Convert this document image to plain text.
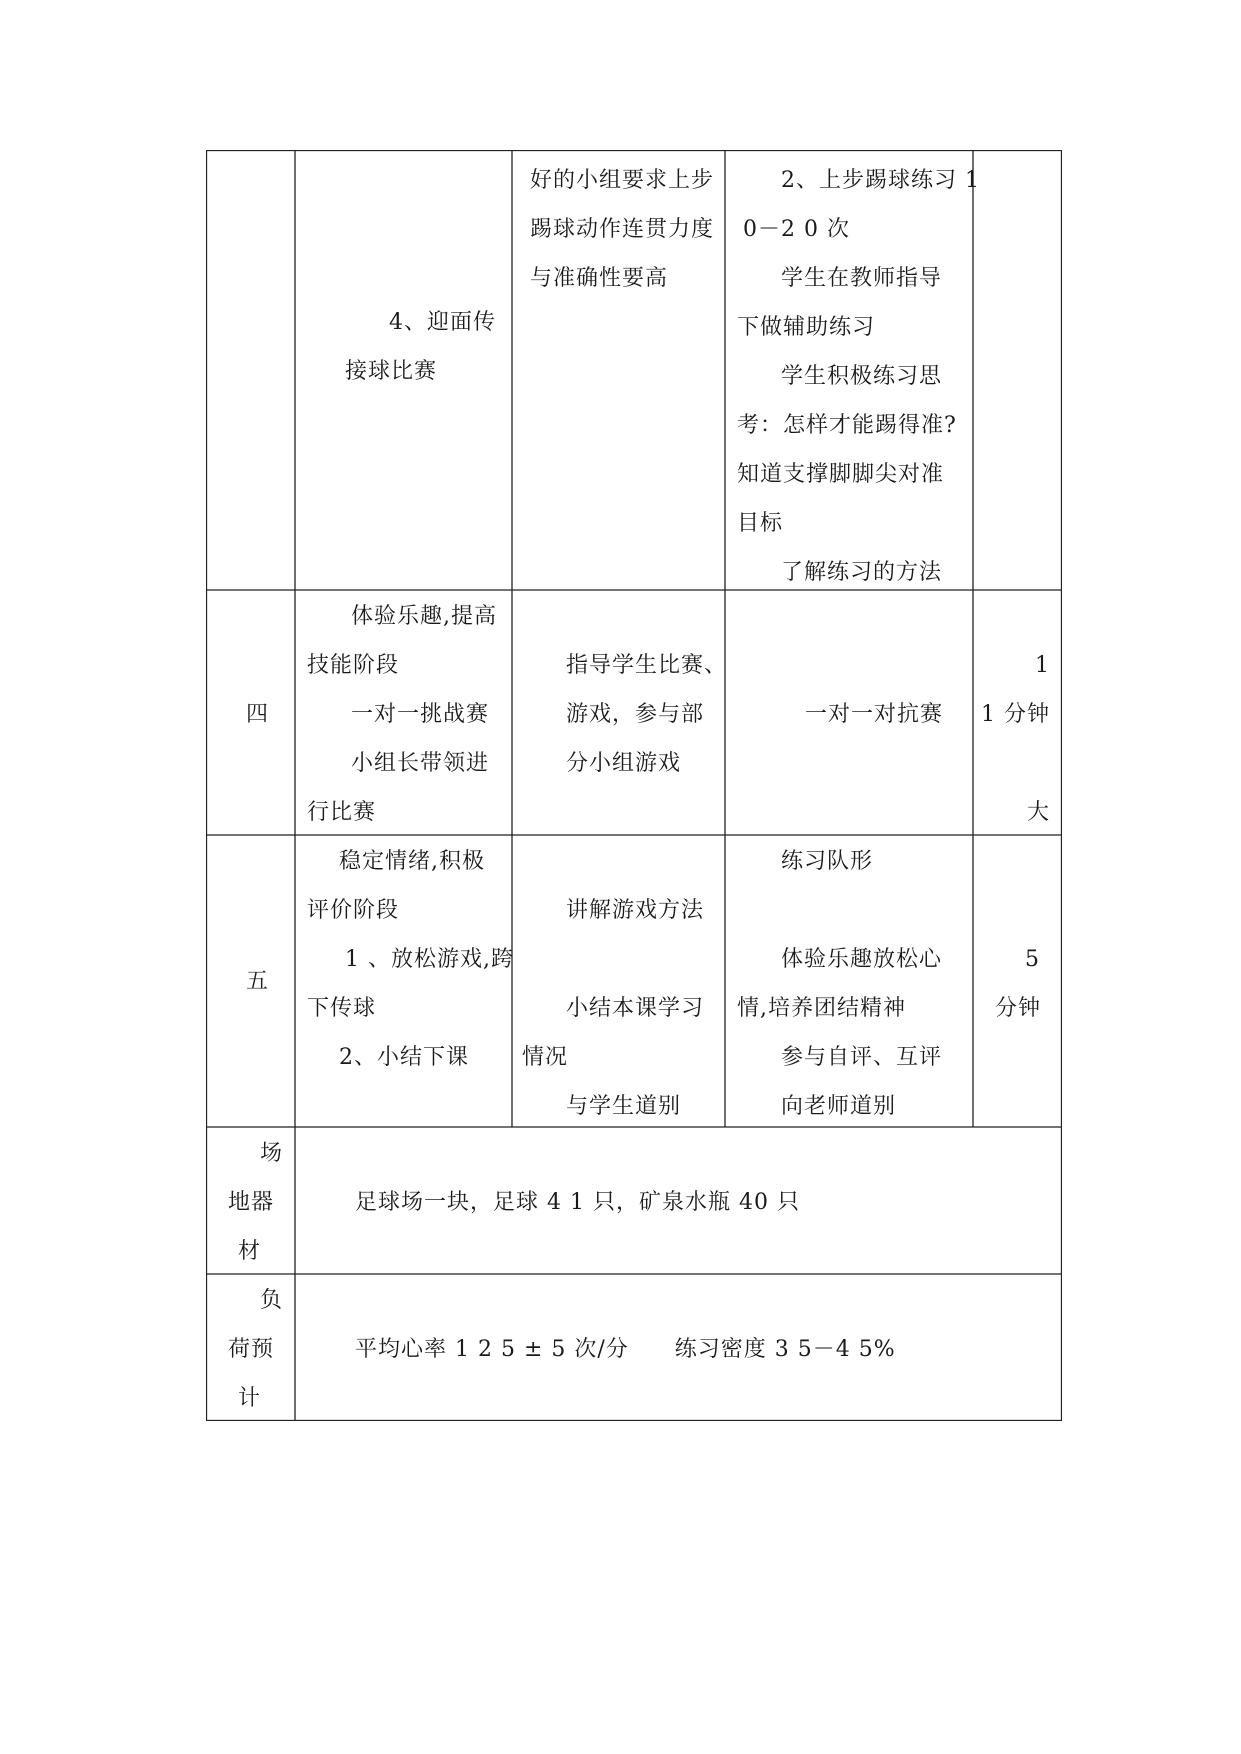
4、迎面传
接球比赛
好的小组要求上步
踢球动作连贯力度
与准确性要高
2、上步踢球练习 1
0－2 0 次
学生在教师指导
下做辅助练习
学生积极练习思
考：怎样才能踢得准?
知道支撑脚脚尖对准
目标
了解练习的方法
四
体验乐趣,提高
技能阶段
一对一挑战赛
小组长带领进
行比赛
指导学生比赛、
游戏，参与部
分小组游戏
一对一对抗赛
1
1 分钟
大
五
稳定情绪,积极
评价阶段
1 、放松游戏,跨
下传球
2、小结下课
讲解游戏方法
小结本课学习
情况
与学生道别
练习队形
体验乐趣放松心
情,培养团结精神
参与自评、互评
向老师道别
5
分钟
场
地器
材
足球场一块，足球 4 1 只，矿泉水瓶 40 只
负
荷预
计
平均心率 1 2 5 ± 5 次/分　　练习密度 3 5－4 5%
